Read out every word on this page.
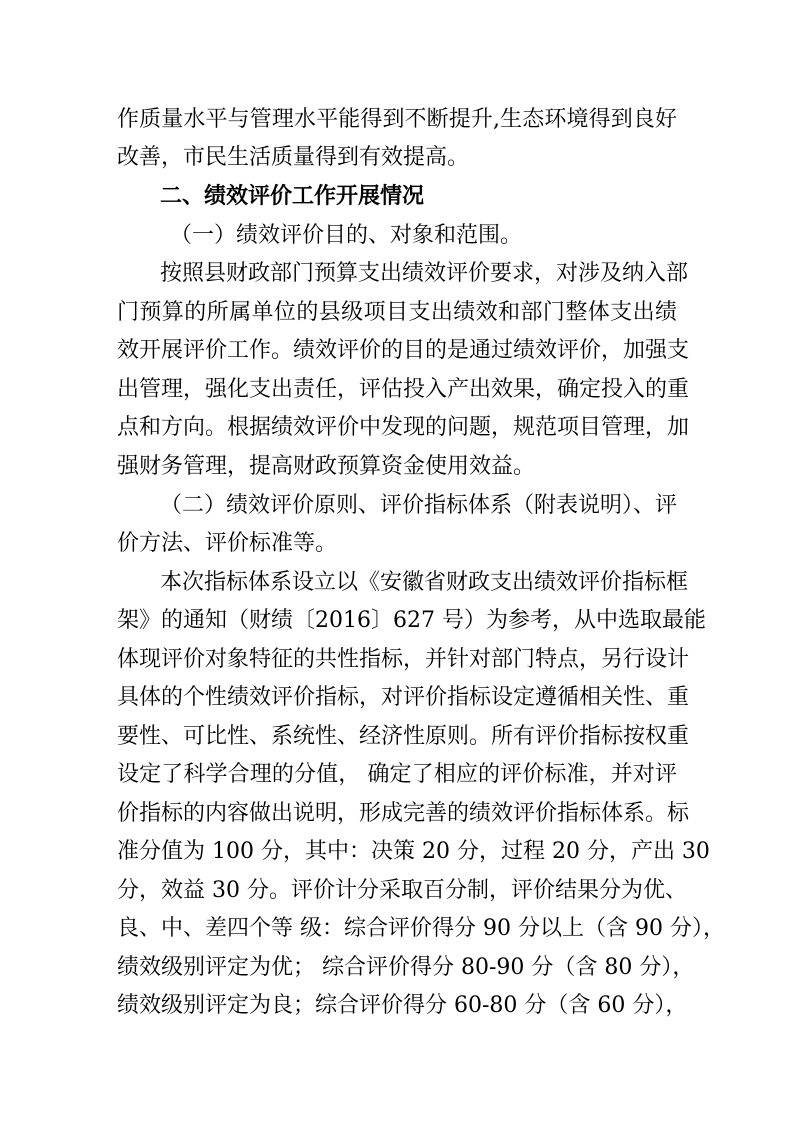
作质量水平与管理水平能得到不断提升,生态环境得到良好
改善，市民生活质量得到有效提高。
二、绩效评价工作开展情况
（一）绩效评价目的、对象和范围。
按照县财政部门预算支出绩效评价要求，对涉及纳入部
门预算的所属单位的县级项目支出绩效和部门整体支出绩
效开展评价工作。绩效评价的目的是通过绩效评价，加强支
出管理，强化支出责任，评估投入产出效果，确定投入的重
点和方向。根据绩效评价中发现的问题，规范项目管理，加
强财务管理，提高财政预算资金使用效益。
（二）绩效评价原则、评价指标体系（附表说明）、评
价方法、评价标准等。
本次指标体系设立以《安徽省财政支出绩效评价指标框
架》的通知（财绩〔2016〕627 号）为参考，从中选取最能
体现评价对象特征的共性指标，并针对部门特点，另行设计
具体的个性绩效评价指标，对评价指标设定遵循相关性、重
要性、可比性、系统性、经济性原则。所有评价指标按权重
设定了科学合理的分值， 确定了相应的评价标准，并对评
价指标的内容做出说明，形成完善的绩效评价指标体系。标
准分值为 100 分，其中：决策 20 分，过程 20 分，产出 30
分，效益 30 分。评价计分采取百分制，评价结果分为优、
良、中、差四个等 级：综合评价得分 90 分以上（含 90 分），
绩效级别评定为优； 综合评价得分 80-90 分（含 80 分），
绩效级别评定为良；综合评价得分 60-80 分（含 60 分），
